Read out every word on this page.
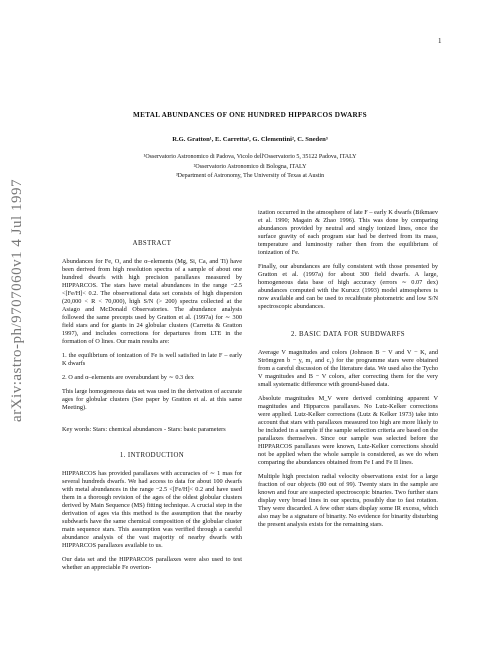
1
arXiv:astro-ph/9707060v1 4 Jul 1997
METAL ABUNDANCES OF ONE HUNDRED HIPPARCOS DWARFS
R.G. Gratton¹, E. Carretta², G. Clementini², C. Sneden³
¹Osservatorio Astronomico di Padova, Vicolo dell'Osservatorio 5, 35122 Padova, ITALY
²Osservatorio Astronomico di Bologna, ITALY
³Department of Astronomy, The University of Texas at Austin
ABSTRACT

Abundances for Fe, O, and the α–elements (Mg, Si, Ca, and Ti) have been derived from high resolution spectra of a sample of about one hundred dwarfs with high precision parallaxes measured by HIPPARCOS. The stars have metal abundances in the range −2.5 <[Fe/H]< 0.2. The observational data set consists of high dispersion (20,000 < R < 70,000), high S/N (> 200) spectra collected at the Asiago and McDonald Observatories. The abundance analysis followed the same precepts used by Gratton et al. (1997a) for ∼ 300 field stars and for giants in 24 globular clusters (Carretta & Gratton 1997), and includes corrections for departures from LTE in the formation of O lines. Our main results are:

1. the equilibrium of ionization of Fe is well satisfied in late F – early K dwarfs

2. O and α–elements are overabundant by ∼ 0.3 dex

This large homogeneous data set was used in the derivation of accurate ages for globular clusters (See paper by Gratton et al. at this same Meeting).

Key words: Stars: chemical abundances - Stars: basic parameters

1. INTRODUCTION

HIPPARCOS has provided parallaxes with accuracies of ∼ 1 mas for several hundreds dwarfs. We had access to data for about 100 dwarfs with metal abundances in the range −2.5 <[Fe/H]< 0.2 and have used them in a thorough revision of the ages of the oldest globular clusters derived by Main Sequence (MS) fitting technique. A crucial step in the derivation of ages via this method is the assumption that the nearby subdwarfs have the same chemical composition of the globular cluster main sequence stars. This assumption was verified through a careful abundance analysis of the vast majority of nearby dwarfs with HIPPARCOS parallaxes available to us.

Our data set and the HIPPARCOS parallaxes were also used to test whether an appreciable Fe overion-

ization occurred in the atmosphere of late F – early K dwarfs (Bikmaev et al. 1990; Magain & Zhao 1996). This was done by comparing abundances provided by neutral and singly ionized lines, once the surface gravity of each program star had be derived from its mass, temperature and luminosity rather then from the equilibrium of ionization of Fe.

Finally, our abundances are fully consistent with those presented by Gratton et al. (1997a) for about 300 field dwarfs. A large, homogeneous data base of high accuracy (errors ∼ 0.07 dex) abundances computed with the Kurucz (1993) model atmospheres is now available and can be used to recalibrate photometric and low S/N spectroscopic abundances.

2. BASIC DATA FOR SUBDWARFS

Average V magnitudes and colors (Johnson B − V and V − K, and Strömgren b − y, m₁ and c₁) for the programme stars were obtained from a careful discussion of the literature data. We used also the Tycho V magnitudes and B − V colors, after correcting them for the very small systematic difference with ground-based data.

Absolute magnitudes M_V were derived combining apparent V magnitudes and Hipparcos parallaxes. No Lutz-Kelker corrections were applied. Lutz-Kelker corrections (Lutz & Kelker 1973) take into account that stars with parallaxes measured too high are more likely to be included in a sample if the sample selection criteria are based on the parallaxes themselves. Since our sample was selected before the HIPPARCOS parallaxes were known, Lutz-Kelker corrections should not be applied when the whole sample is considered, as we do when comparing the abundances obtained from Fe I and Fe II lines.

Multiple high precision radial velocity observations exist for a large fraction of our objects (80 out of 99). Twenty stars in the sample are known and four are suspected spectroscopic binaries. Two further stars display very broad lines in our spectra, possibly due to fast rotation. They were discarded. A few other stars display some IR excess, which also may be a signature of binarity. No evidence for binarity disturbing the present analysis exists for the remaining stars.
